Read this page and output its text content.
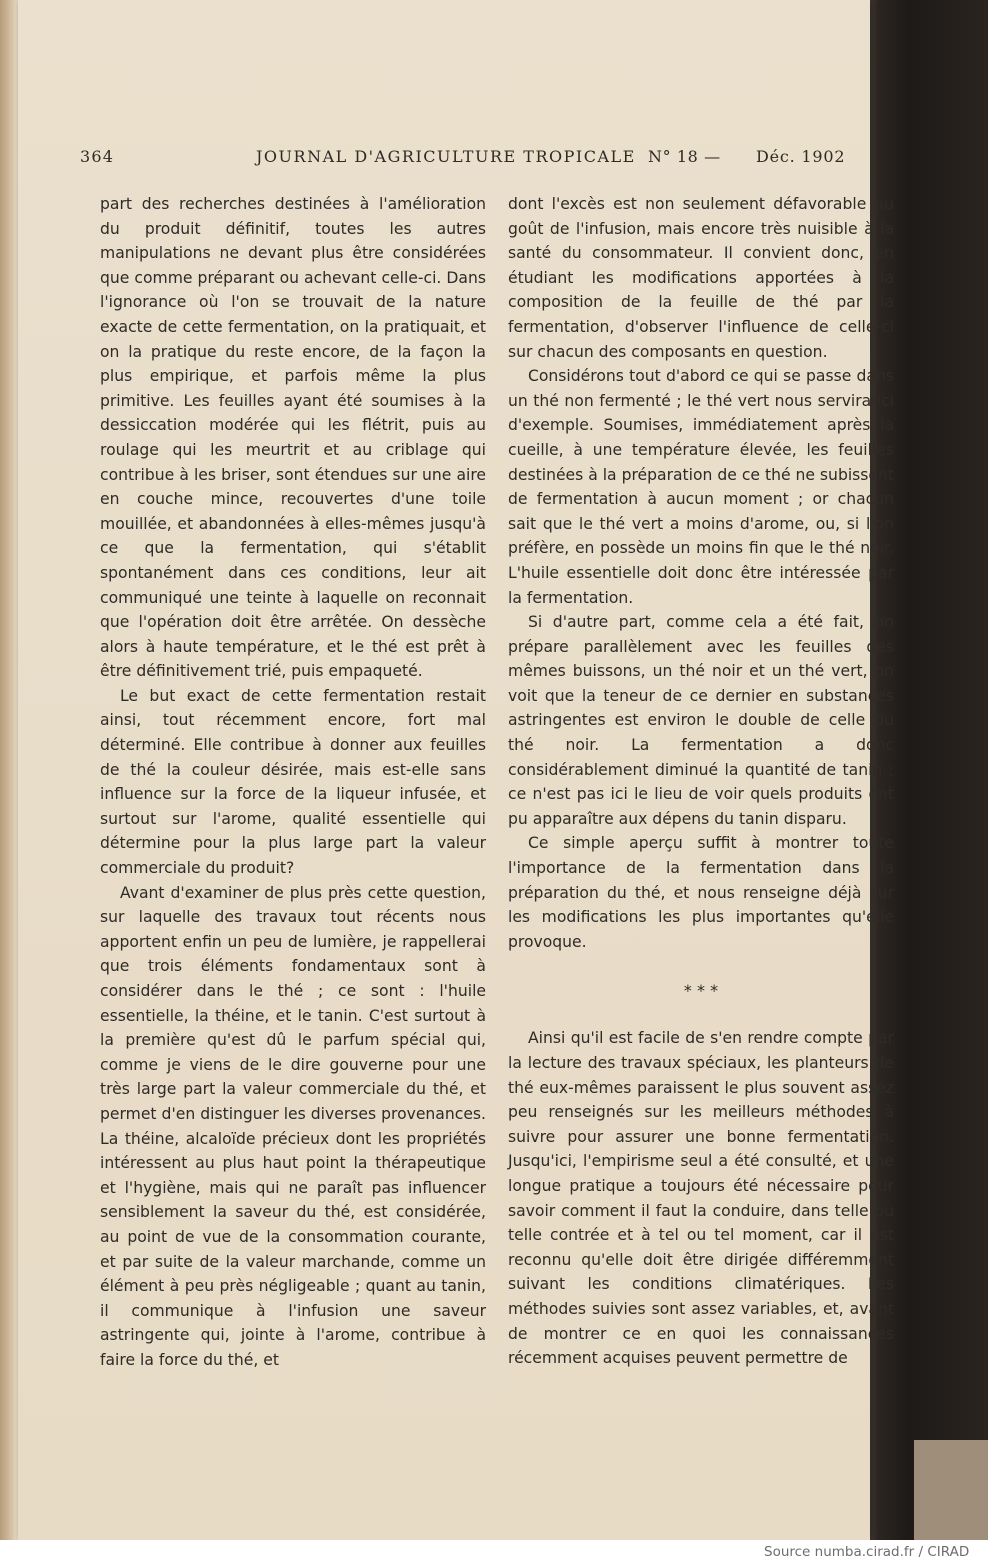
364	JOURNAL D'AGRICULTURE TROPICALE N° 18 — Déc. 1902

part des recherches destinées à l'amélioration du produit définitif, toutes les autres manipulations ne devant plus être considérées que comme préparant ou achevant celle-ci. Dans l'ignorance où l'on se trouvait de la nature exacte de cette fermentation, on la pratiquait, et on la pratique du reste encore, de la façon la plus empirique, et parfois même la plus primitive. Les feuilles ayant été soumises à la dessiccation modérée qui les flétrit, puis au roulage qui les meurtrit et au criblage qui contribue à les briser, sont étendues sur une aire en couche mince, recouvertes d'une toile mouillée, et abandonnées à elles-mêmes jusqu'à ce que la fermentation, qui s'établit spontanément dans ces conditions, leur ait communiqué une teinte à laquelle on reconnait que l'opération doit être arrêtée. On dessèche alors à haute température, et le thé est prêt à être définitivement trié, puis empaqueté.

Le but exact de cette fermentation restait ainsi, tout récemment encore, fort mal déterminé. Elle contribue à donner aux feuilles de thé la couleur désirée, mais est-elle sans influence sur la force de la liqueur infusée, et surtout sur l'arome, qualité essentielle qui détermine pour la plus large part la valeur commerciale du produit?

Avant d'examiner de plus près cette question, sur laquelle des travaux tout récents nous apportent enfin un peu de lumière, je rappellerai que trois éléments fondamentaux sont à considérer dans le thé ; ce sont : l'huile essentielle, la théine, et le tanin. C'est surtout à la première qu'est dû le parfum spécial qui, comme je viens de le dire gouverne pour une très large part la valeur commerciale du thé, et permet d'en distinguer les diverses provenances. La théine, alcaloïde précieux dont les propriétés intéressent au plus haut point la thérapeutique et l'hygiène, mais qui ne paraît pas influencer sensiblement la saveur du thé, est considérée, au point de vue de la consommation courante, et par suite de la valeur marchande, comme un élément à peu près négligeable ; quant au tanin, il communique à l'infusion une saveur astringente qui, jointe à l'arome, contribue à faire la force du thé, et

dont l'excès est non seulement défavorable au goût de l'infusion, mais encore très nuisible à la santé du consommateur. Il convient donc, en étudiant les modifications apportées à la composition de la feuille de thé par la fermentation, d'observer l'influence de celle-ci sur chacun des composants en question.

Considérons tout d'abord ce qui se passe dans un thé non fermenté ; le thé vert nous servira ici d'exemple. Soumises, immédiatement après la cueille, à une température élevée, les feuilles destinées à la préparation de ce thé ne subissent de fermentation à aucun moment ; or chacun sait que le thé vert a moins d'arome, ou, si l'on préfère, en possède un moins fin que le thé noir. L'huile essentielle doit donc être intéressée par la fermentation.

Si d'autre part, comme cela a été fait, on prépare parallèlement avec les feuilles des mêmes buissons, un thé noir et un thé vert, on voit que la teneur de ce dernier en substances astringentes est environ le double de celle du thé noir. La fermentation a donc considérablement diminué la quantité de tanin ; ce n'est pas ici le lieu de voir quels produits ont pu apparaître aux dépens du tanin disparu.

Ce simple aperçu suffit à montrer toute l'importance de la fermentation dans la préparation du thé, et nous renseigne déjà sur les modifications les plus importantes qu'elle provoque.

* * *

Ainsi qu'il est facile de s'en rendre compte par la lecture des travaux spéciaux, les planteurs de thé eux-mêmes paraissent le plus souvent assez peu renseignés sur les meilleurs méthodes à suivre pour assurer une bonne fermentation. Jusqu'ici, l'empirisme seul a été consulté, et une longue pratique a toujours été nécessaire pour savoir comment il faut la conduire, dans telle ou telle contrée et à tel ou tel moment, car il est reconnu qu'elle doit être dirigée différemment suivant les conditions climatériques. Les méthodes suivies sont assez variables, et, avant de montrer ce en quoi les connaissances récemment acquises peuvent permettre de

Source numba.cirad.fr / CIRAD
